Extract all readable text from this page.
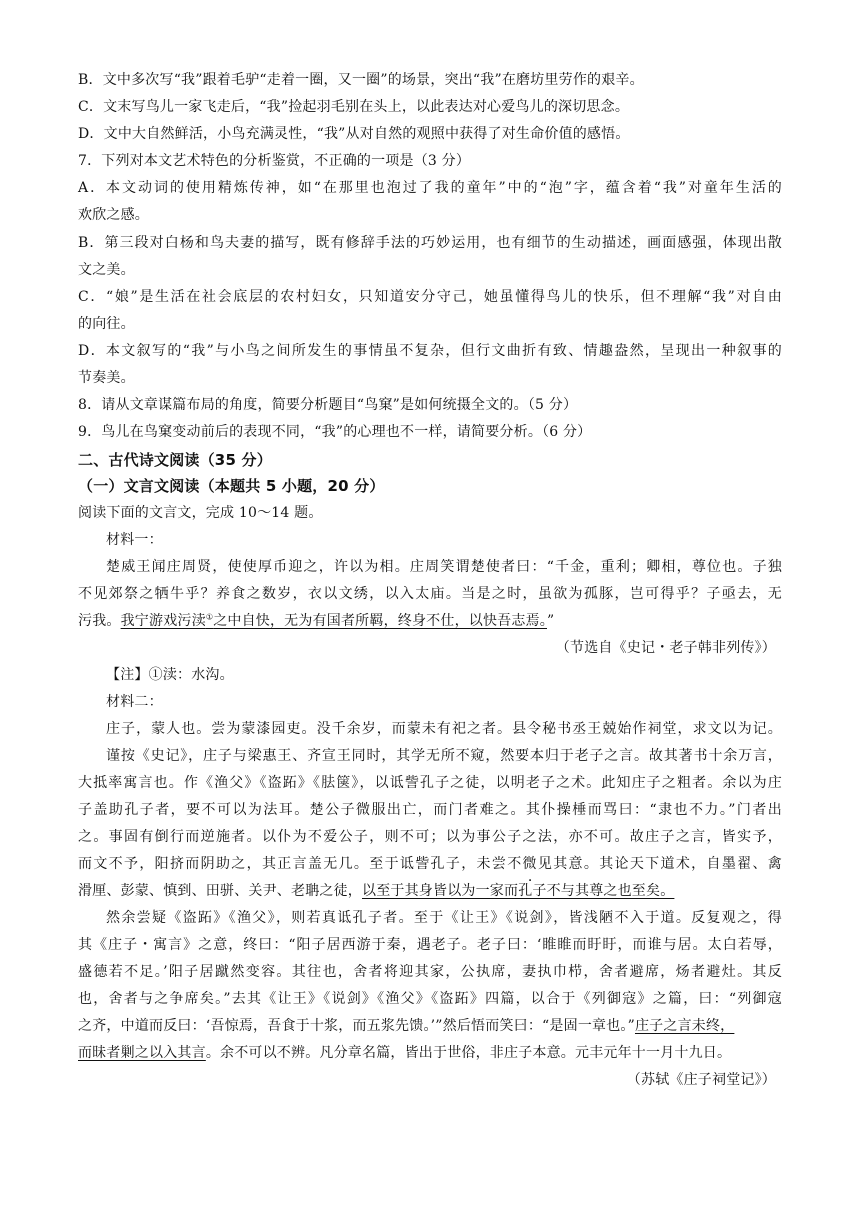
B．文中多次写“我”跟着毛驴“走着一圈，又一圈”的场景，突出“我”在磨坊里劳作的艰辛。
C．文末写鸟儿一家飞走后，“我”捡起羽毛别在头上，以此表达对心爱鸟儿的深切思念。
D．文中大自然鲜活，小鸟充满灵性，“我”从对自然的观照中获得了对生命价值的感悟。
7．下列对本文艺术特色的分析鉴赏，不正确的一项是（3 分）
A．本文动词的使用精炼传神，如“在那里也泡过了我的童年”中的“泡”字，蕴含着“我”对童年生活的
欢欣之感。
B．第三段对白杨和鸟夫妻的描写，既有修辞手法的巧妙运用，也有细节的生动描述，画面感强，体现出散
文之美。
C．“娘”是生活在社会底层的农村妇女，只知道安分守己，她虽懂得鸟儿的快乐，但不理解“我”对自由
的向往。
D．本文叙写的“我”与小鸟之间所发生的事情虽不复杂，但行文曲折有致、情趣盎然，呈现出一种叙事的
节奏美。
8．请从文章谋篇布局的角度，简要分析题目“鸟窠”是如何统摄全文的。（5 分）
9．鸟儿在鸟窠变动前后的表现不同，“我”的心理也不一样，请简要分析。（6 分）
二、古代诗文阅读（35 分）
（一）文言文阅读（本题共 5 小题，20 分）
阅读下面的文言文，完成 10～14 题。
材料一：
楚威王闻庄周贤，使使厚币迎之，许以为相。庄周笑谓楚使者曰：“千金，重利；卿相，尊位也。子独
不见郊祭之牺牛乎？养食之数岁，衣以文绣，以入太庙。当是之时，虽欲为孤豚，岂可得乎？子亟去，无
污我。我宁游戏污渎①之中自快，无为有国者所羁，终身不仕，以快吾志焉。”
（节选自《史记・老子韩非列传》）
【注】①渎：水沟。
材料二：
庄子，蒙人也。尝为蒙漆园吏。没千余岁，而蒙未有祀之者。县令秘书丞王兢始作祠堂，求文以为记。
谨按《史记》，庄子与梁惠王、齐宣王同时，其学无所不窥，然要本归于老子之言。故其著书十余万言，
大抵率寓言也。作《渔父》《盗跖》《胠箧》，以诋訾孔子之徒，以明老子之术。此知庄子之粗者。余以为庄
子盖助孔子者，要不可以为法耳。楚公子微服出亡，而门者难之。其仆操棰而骂曰：“隶也不力。”门者出
之。事固有倒行而逆施者。以仆为不爱公子，则不可；以为事公子之法，亦不可。故庄子之言，皆实予，
而文不予，阳挤而阴助之，其正言盖无几。至于诋訾孔子，未尝不微见其意。其论天下道术，自墨翟、禽
滑厘、彭蒙、慎到、田骈、关尹、老聃之徒，以至于其身皆以为一家而孔子不与其尊之也至矣。
然余尝疑《盗跖》《渔父》，则若真诋孔子者。至于《让王》《说剑》，皆浅陋不入于道。反复观之，得
其《庄子・寓言》之意，终曰：“阳子居西游于秦，遇老子。老子曰：‘睢睢而盱盱，而谁与居。太白若辱，
盛德若不足。’阳子居蹴然变容。其往也，舍者将迎其家，公执席，妻执巾栉，舍者避席，炀者避灶。其反
也，舍者与之争席矣。”去其《让王》《说剑》《渔父》《盗跖》四篇，以合于《列御寇》之篇，曰：“列御寇
之齐，中道而反曰：‘吾惊焉，吾食于十浆，而五浆先馈。’”然后悟而笑曰：“是固一章也。”庄子之言未终，
而昧者剿之以入其言。余不可以不辨。凡分章名篇，皆出于世俗，非庄子本意。元丰元年十一月十九日。
（苏轼《庄子祠堂记》）
